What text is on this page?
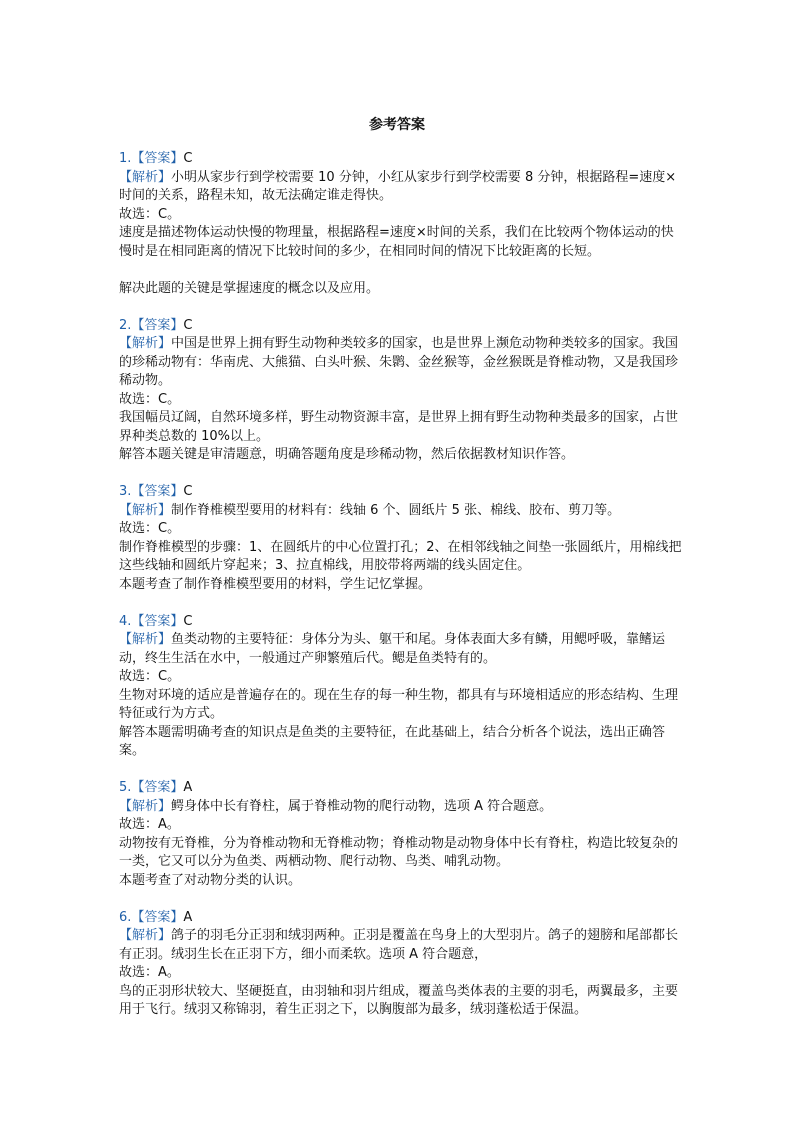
参考答案

1.【答案】C

【解析】小明从家步行到学校需要 10 分钟，小红从家步行到学校需要 8 分钟，根据路程=速度×时间的关系，路程未知，故无法确定谁走得快。

故选：C。

速度是描述物体运动快慢的物理量，根据路程=速度×时间的关系，我们在比较两个物体运动的快慢时是在相同距离的情况下比较时间的多少，在相同时间的情况下比较距离的长短。

解决此题的关键是掌握速度的概念以及应用。

2.【答案】C

【解析】中国是世界上拥有野生动物种类较多的国家，也是世界上濒危动物种类较多的国家。我国的珍稀动物有：华南虎、大熊猫、白头叶猴、朱鹮、金丝猴等，金丝猴既是脊椎动物，又是我国珍稀动物。

故选：C。

我国幅员辽阔，自然环境多样，野生动物资源丰富，是世界上拥有野生动物种类最多的国家，占世界种类总数的 10%以上。

解答本题关键是审清题意，明确答题角度是珍稀动物，然后依据教材知识作答。

3.【答案】C

【解析】制作脊椎模型要用的材料有：线轴 6 个、圆纸片 5 张、棉线、胶布、剪刀等。

故选：C。

制作脊椎模型的步骤：1、在圆纸片的中心位置打孔；2、在相邻线轴之间垫一张圆纸片，用棉线把这些线轴和圆纸片穿起来；3、拉直棉线，用胶带将两端的线头固定住。

本题考查了制作脊椎模型要用的材料，学生记忆掌握。

4.【答案】C

【解析】鱼类动物的主要特征：身体分为头、躯干和尾。身体表面大多有鳞，用鳃呼吸，靠鳍运动，终生生活在水中，一般通过产卵繁殖后代。鳃是鱼类特有的。

故选：C。

生物对环境的适应是普遍存在的。现在生存的每一种生物，都具有与环境相适应的形态结构、生理特征或行为方式。

解答本题需明确考查的知识点是鱼类的主要特征，在此基础上，结合分析各个说法，选出正确答案。

5.【答案】A

【解析】鳄身体中长有脊柱，属于脊椎动物的爬行动物，选项 A 符合题意。

故选：A。

动物按有无脊椎，分为脊椎动物和无脊椎动物；脊椎动物是动物身体中长有脊柱，构造比较复杂的一类，它又可以分为鱼类、两栖动物、爬行动物、鸟类、哺乳动物。

本题考查了对动物分类的认识。

6.【答案】A

【解析】鸽子的羽毛分正羽和绒羽两种。正羽是覆盖在鸟身上的大型羽片。鸽子的翅膀和尾部都长有正羽。绒羽生长在正羽下方，细小而柔软。选项 A 符合题意，

故选：A。

鸟的正羽形状较大、坚硬挺直，由羽轴和羽片组成，覆盖鸟类体表的主要的羽毛，两翼最多，主要用于飞行。绒羽又称锦羽，着生正羽之下，以胸腹部为最多，绒羽蓬松适于保温。
